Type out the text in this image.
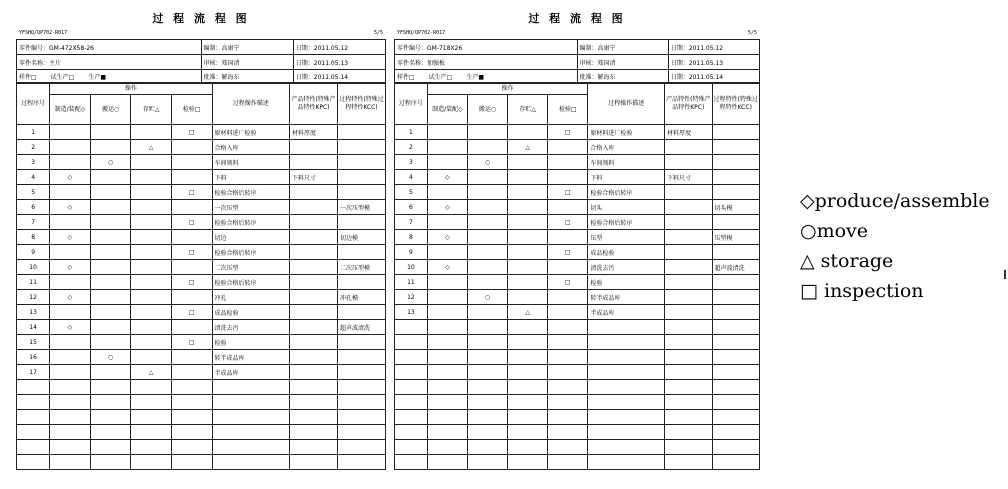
过 程 流 程 图
YFSHQ/QP702-R017	5/5
零件编号：GM-472X58-26	编制：高康宁	日期：2011.05.12
零件名称：主片	审核：郑国清	日期：2011.05.13
样件□ 试生产□ 生产■	批准：解海东	日期：2011.05.14
过程序号	操作				过程操作描述	产品特性(特殊产品特性KPC)	过程特性(特殊过程特性KCC)
	制造/装配◇	搬运○	存贮△	检验□			
1				□	原材料进厂检验	材料厚度	
2			△		合格入库		
3		○			车间领料		
4	◇				下料	下料尺寸	
5				□	检验合格后转序		
6	◇				一次压型		一次压型模
7				□	检验合格后转序		
8	◇				切边		切边模
9				□	检验合格后转序		
10	◇				二次压型		二次压型模
11				□	检验合格后转序		
12	◇				冲孔		冲孔模
13				□	成品检验		
14	◇				清洗去污		超声波清洗
15				□	检验		
16		○			转半成品库		
17			△		半成品库		

过 程 流 程 图
YFSHQ/QP702-R017	5/5
零件编号：GM-718X26	编制：高康宁	日期：2011.05.12
零件名称：加强板	审核：郑国清	日期：2011.05.13
样件□ 试生产□ 生产■	批准：解海东	日期：2011.05.14
过程序号	操作				过程操作描述	产品特性(特殊产品特性KPC)	过程特性(特殊过程特性KCC)
	制造/装配◇	搬运○	存贮△	检验□			
1				□	原材料进厂检验	材料厚度	
2			△		合格入库		
3		○			车间领料		
4	◇				下料	下料尺寸	
5				□	检验合格后转序		
6	◇				切头		切头模
7				□	检验合格后转序		
8	◇				压型		压型模
9				□	成品检验		
10	◇				清洗去污		超声波清洗
11				□	检验		
12		○			转半成品库		
13			△		半成品库		

◇produce/assemble
○move
△ storage
□ inspection
